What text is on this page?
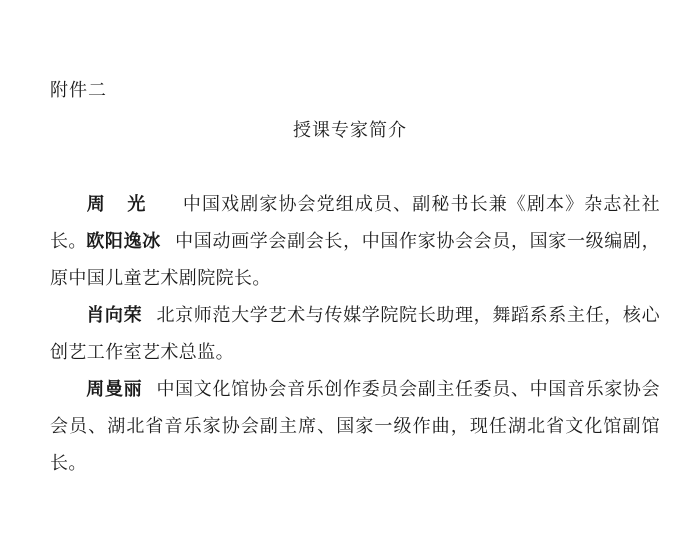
附件二
授课专家简介
周光 中国戏剧家协会党组成员、副秘书长兼《剧本》杂志社社长。 欧阳逸冰 中国动画学会副会长，中国作家协会会员，国家一级编剧，原中国儿童艺术剧院院长。
肖向荣 北京师范大学艺术与传媒学院院长助理，舞蹈系系主任，核心创艺工作室艺术总监。
周曼丽 中国文化馆协会音乐创作委员会副主任委员、中国音乐家协会会员、湖北省音乐家协会副主席、国家一级作曲，现任湖北省文化馆副馆长。
